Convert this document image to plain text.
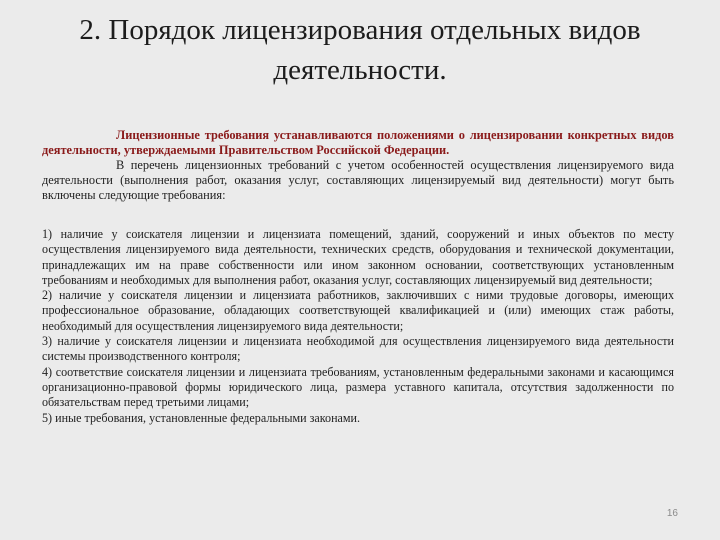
2. Порядок лицензирования отдельных видов деятельности.

Лицензионные требования устанавливаются положениями о лицензировании конкретных видов деятельности, утверждаемыми Правительством Российской Федерации.

В перечень лицензионных требований с учетом особенностей осуществления лицензируемого вида деятельности (выполнения работ, оказания услуг, составляющих лицензируемый вид деятельности) могут быть включены следующие требования:

1) наличие у соискателя лицензии и лицензиата помещений, зданий, сооружений и иных объектов по месту осуществления лицензируемого вида деятельности, технических средств, оборудования и технической документации, принадлежащих им на праве собственности или ином законном основании, соответствующих установленным требованиям и необходимых для выполнения работ, оказания услуг, составляющих лицензируемый вид деятельности;

2) наличие у соискателя лицензии и лицензиата работников, заключивших с ними трудовые договоры, имеющих профессиональное образование, обладающих соответствующей квалификацией и (или) имеющих стаж работы, необходимый для осуществления лицензируемого вида деятельности;

3) наличие у соискателя лицензии и лицензиата необходимой для осуществления лицензируемого вида деятельности системы производственного контроля;

4) соответствие соискателя лицензии и лицензиата требованиям, установленным федеральными законами и касающимся организационно-правовой формы юридического лица, размера уставного капитала, отсутствия задолженности по обязательствам перед третьими лицами;

5) иные требования, установленные федеральными законами.

16
